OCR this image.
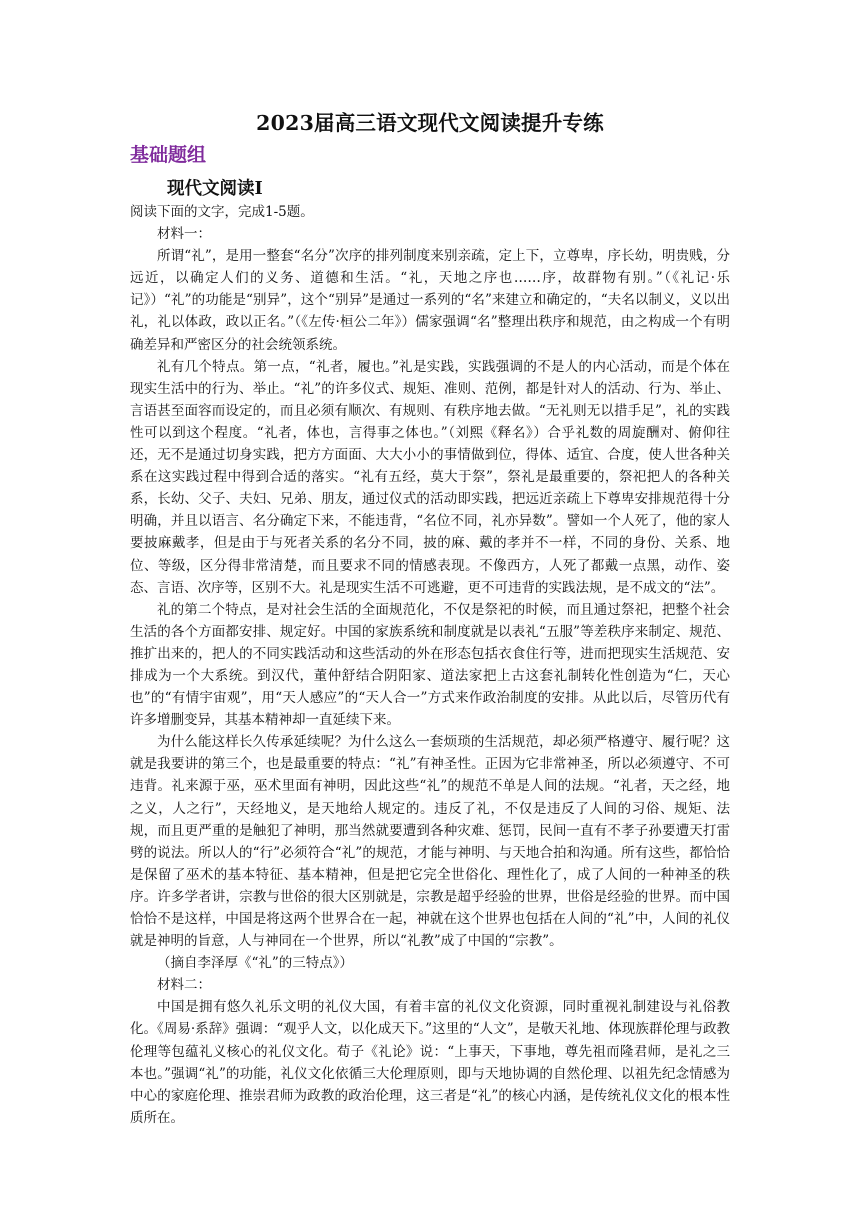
2023届高三语文现代文阅读提升专练
基础题组
现代文阅读Ⅰ

阅读下面的文字，完成1-5题。

材料一：

所谓“礼”，是用一整套“名分”次序的排列制度来别亲疏，定上下，立尊卑，序长幼，明贵贱，分远近，以确定人们的义务、道德和生活。“礼，天地之序也……序，故群物有别。”（《礼记·乐记》）“礼”的功能是“别异”，这个“别异”是通过一系列的“名”来建立和确定的，“夫名以制义，义以出礼，礼以体政，政以正名。”（《左传·桓公二年》）儒家强调“名”整理出秩序和规范，由之构成一个有明确差异和严密区分的社会统领系统。

礼有几个特点。第一点，“礼者，履也。”礼是实践，实践强调的不是人的内心活动，而是个体在现实生活中的行为、举止。“礼”的许多仪式、规矩、准则、范例，都是针对人的活动、行为、举止、言语甚至面容而设定的，而且必须有顺次、有规则、有秩序地去做。“无礼则无以措手足”，礼的实践性可以到这个程度。“礼者，体也，言得事之体也。”（刘熙《释名》）合乎礼数的周旋酬对、俯仰往还，无不是通过切身实践，把方方面面、大大小小的事情做到位，得体、适宜、合度，使人世各种关系在这实践过程中得到合适的落实。“礼有五经，莫大于祭”，祭礼是最重要的，祭祀把人的各种关系，长幼、父子、夫妇、兄弟、朋友，通过仪式的活动即实践，把远近亲疏上下尊卑安排规范得十分明确，并且以语言、名分确定下来，不能违背，“名位不同，礼亦异数”。譬如一个人死了，他的家人要披麻戴孝，但是由于与死者关系的名分不同，披的麻、戴的孝并不一样，不同的身份、关系、地位、等级，区分得非常清楚，而且要求不同的情感表现。不像西方，人死了都戴一点黑，动作、姿态、言语、次序等，区别不大。礼是现实生活不可逃避，更不可违背的实践法规，是不成文的“法”。

礼的第二个特点，是对社会生活的全面规范化，不仅是祭祀的时候，而且通过祭祀，把整个社会生活的各个方面都安排、规定好。中国的家族系统和制度就是以表礼“五服”等差秩序来制定、规范、推扩出来的，把人的不同实践活动和这些活动的外在形态包括衣食住行等，进而把现实生活规范、安排成为一个大系统。到汉代，董仲舒结合阴阳家、道法家把上古这套礼制转化性创造为“仁，天心也”的“有情宇宙观”，用“天人感应”的“天人合一”方式来作政治制度的安排。从此以后，尽管历代有许多增删变异，其基本精神却一直延续下来。

为什么能这样长久传承延续呢？为什么这么一套烦琐的生活规范，却必须严格遵守、履行呢？这就是我要讲的第三个，也是最重要的特点：“礼”有神圣性。正因为它非常神圣，所以必须遵守、不可违背。礼来源于巫，巫术里面有神明，因此这些“礼”的规范不单是人间的法规。“礼者，天之经，地之义，人之行”，天经地义，是天地给人规定的。违反了礼，不仅是违反了人间的习俗、规矩、法规，而且更严重的是触犯了神明，那当然就要遭到各种灾难、惩罚，民间一直有不孝子孙要遭天打雷劈的说法。所以人的“行”必须符合“礼”的规范，才能与神明、与天地合拍和沟通。所有这些，都恰恰是保留了巫术的基本特征、基本精神，但是把它完全世俗化、理性化了，成了人间的一种神圣的秩序。许多学者讲，宗教与世俗的很大区别就是，宗教是超乎经验的世界，世俗是经验的世界。而中国恰恰不是这样，中国是将这两个世界合在一起，神就在这个世界也包括在人间的“礼”中，人间的礼仪就是神明的旨意，人与神同在一个世界，所以“礼教”成了中国的“宗教”。

（摘自李泽厚《“礼”的三特点》）

材料二：

中国是拥有悠久礼乐文明的礼仪大国，有着丰富的礼仪文化资源，同时重视礼制建设与礼俗教化。《周易·系辞》强调：“观乎人文，以化成天下。”这里的“人文”，是敬天礼地、体现族群伦理与政教伦理等包蕴礼义核心的礼仪文化。荀子《礼论》说：“上事天，下事地，尊先祖而隆君师，是礼之三本也。”强调“礼”的功能，礼仪文化依循三大伦理原则，即与天地协调的自然伦理、以祖先纪念情感为中心的家庭伦理、推崇君师为政教的政治伦理，这三者是“礼”的核心内涵，是传统礼仪文化的根本性质所在。
